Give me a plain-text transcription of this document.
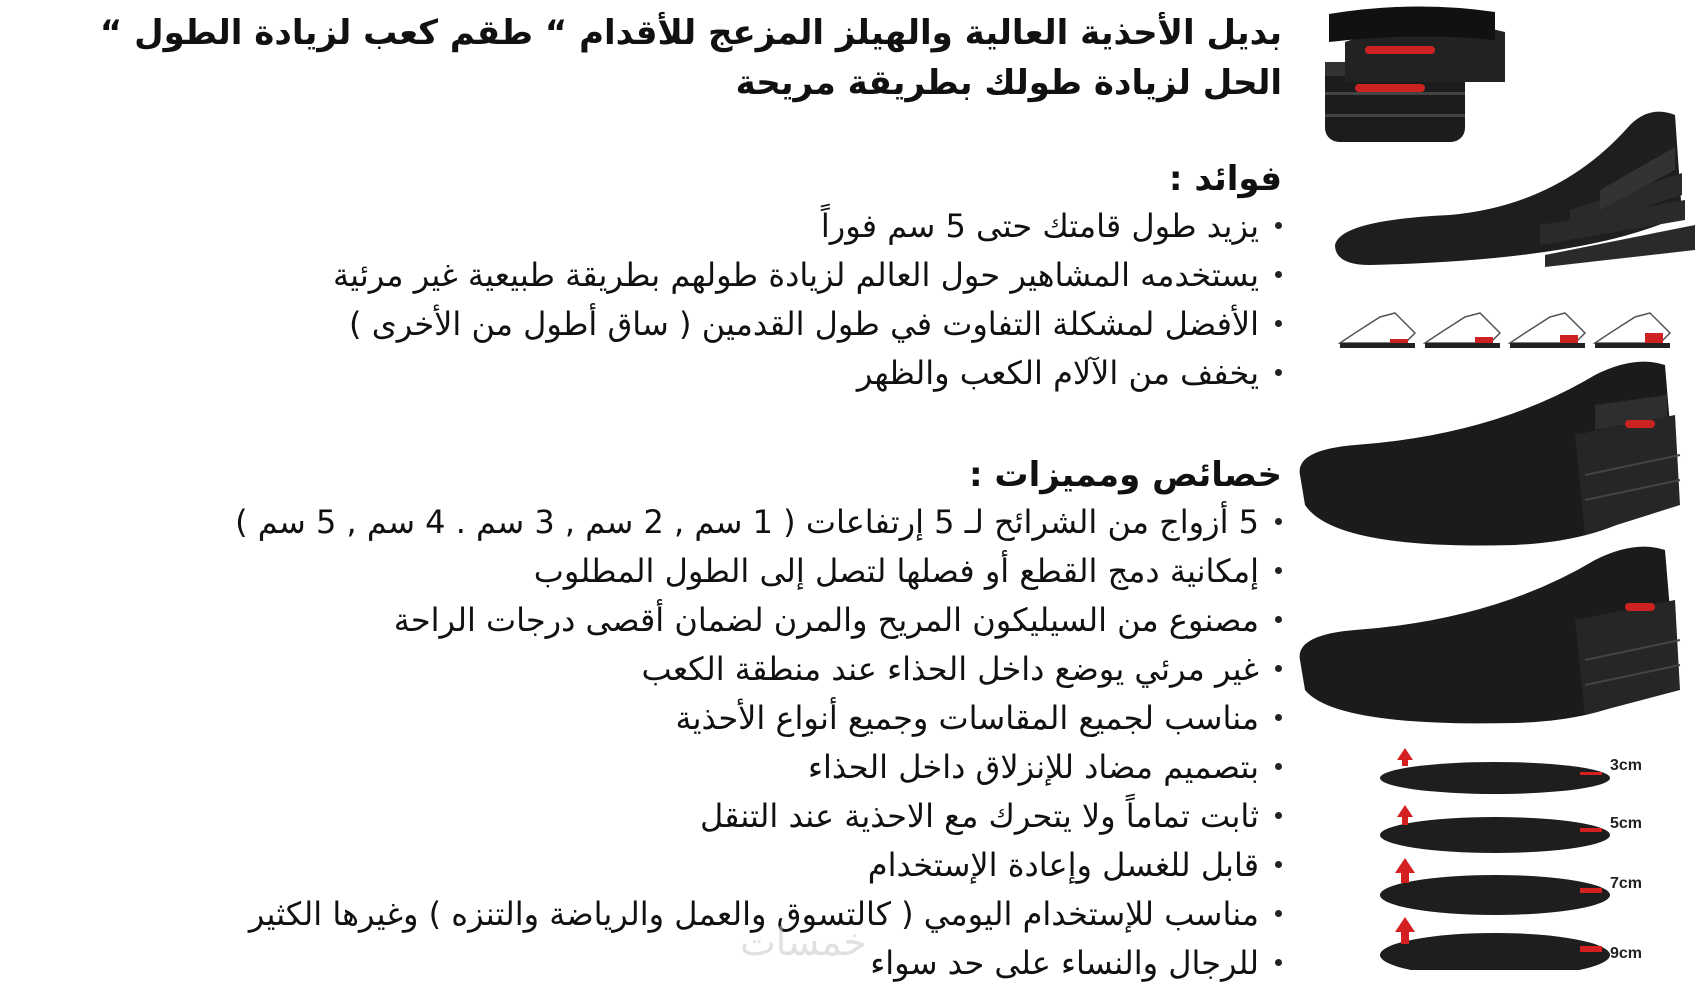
بديل الأحذية العالية والهيلز المزعج للأقدام “ طقم كعب لزيادة الطول “
الحل لزيادة طولك بطريقة مريحة

فوائد :

يزيد طول قامتك حتى 5 سم فوراً
يستخدمه المشاهير حول العالم لزيادة طولهم بطريقة طبيعية غير مرئية
الأفضل لمشكلة التفاوت في طول القدمين ( ساق أطول من الأخرى )
يخفف من الآلام الكعب والظهر

خصائص ومميزات :

5 أزواج من الشرائح لـ 5 إرتفاعات ( 1 سم , 2 سم , 3 سم . 4 سم , 5 سم )
إمكانية دمج القطع أو فصلها لتصل إلى الطول المطلوب
مصنوع من السيليكون المريح والمرن لضمان أقصى درجات الراحة
غير مرئي يوضع داخل الحذاء عند منطقة الكعب
مناسب لجميع المقاسات وجميع أنواع الأحذية
بتصميم مضاد للإنزلاق داخل الحذاء
ثابت تماماً ولا يتحرك مع الاحذية عند التنقل
قابل للغسل وإعادة الإستخدام
مناسب للإستخدام اليومي ( كالتسوق والعمل والرياضة والتنزه ) وغيرها الكثير
للرجال والنساء على حد سواء
خمسات
3cm
5cm
7cm
9cm
